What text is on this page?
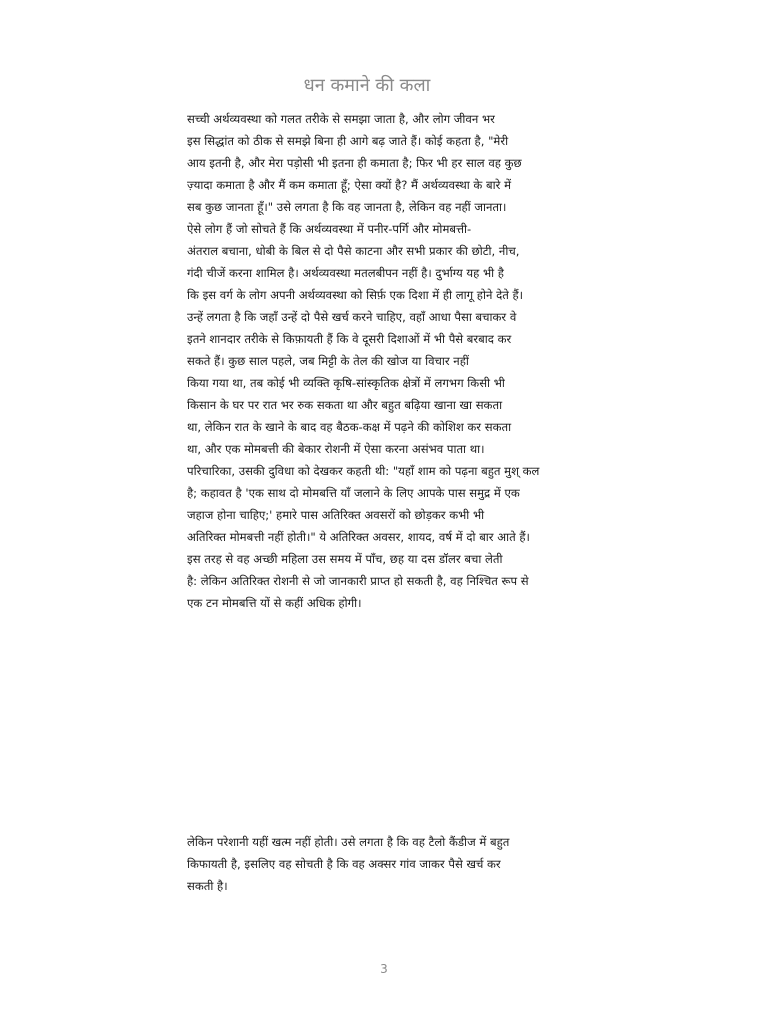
धन कमाने की कला
सच्ची अर्थव्यवस्था को गलत तरीके से समझा जाता है, और लोग जीवन भर
इस सिद्धांत को ठीक से समझे बिना ही आगे बढ़ जाते हैं। कोई कहता है, "मेरी
आय इतनी है, और मेरा पड़ोसी भी इतना ही कमाता है; फिर भी हर साल वह कुछ
ज़्यादा कमाता है और मैं कम कमाता हूँ; ऐसा क्यों है? मैं अर्थव्यवस्था के बारे में
सब कुछ जानता हूँ।" उसे लगता है कि वह जानता है, लेकिन वह नहीं जानता।
ऐसे लोग हैं जो सोचते हैं कि अर्थव्यवस्था में पनीर-पर्गि और मोमबत्ती-
अंतराल बचाना, धोबी के बिल से दो पैसे काटना और सभी प्रकार की छोटी, नीच,
गंदी चीजें करना शामिल है। अर्थव्यवस्था मतलबीपन नहीं है। दुर्भाग्य यह भी है
कि इस वर्ग के लोग अपनी अर्थव्यवस्था को सिर्फ़ एक दिशा में ही लागू होने देते हैं।
उन्हें लगता है कि जहाँ उन्हें दो पैसे खर्च करने चाहिए, वहाँ आधा पैसा बचाकर वे
इतने शानदार तरीके से किफ़ायती हैं कि वे दूसरी दिशाओं में भी पैसे बरबाद कर
सकते हैं। कुछ साल पहले, जब मिट्टी के तेल की खोज या विचार नहीं
किया गया था, तब कोई भी व्यक्ति कृषि-सांस्कृतिक क्षेत्रों में लगभग किसी भी
किसान के घर पर रात भर रुक सकता था और बहुत बढ़िया खाना खा सकता
था, लेकिन रात के खाने के बाद वह बैठक-कक्ष में पढ़ने की कोशिश कर सकता
था, और एक मोमबत्ती की बेकार रोशनी में ऐसा करना असंभव पाता था।
परिचारिका, उसकी दुविधा को देखकर कहती थी: "यहाँ शाम को पढ़ना बहुत मुश् कल
है; कहावत है 'एक साथ दो मोमबत्ति याँ जलाने के लिए आपके पास समुद्र में एक
जहाज होना चाहिए;' हमारे पास अतिरिक्त अवसरों को छोड़कर कभी भी
अतिरिक्त मोमबत्ती नहीं होती।" ये अतिरिक्त अवसर, शायद, वर्ष में दो बार आते हैं।
इस तरह से वह अच्छी महिला उस समय में पाँच, छह या दस डॉलर बचा लेती
है: लेकिन अतिरिक्त रोशनी से जो जानकारी प्राप्त हो सकती है, वह निश्चित रूप से
एक टन मोमबत्ति यों से कहीं अधिक होगी।
लेकिन परेशानी यहीं खत्म नहीं होती। उसे लगता है कि वह टैलो कैंडीज में बहुत
किफायती है, इसलिए वह सोचती है कि वह अक्सर गांव जाकर पैसे खर्च कर
सकती है।
3
